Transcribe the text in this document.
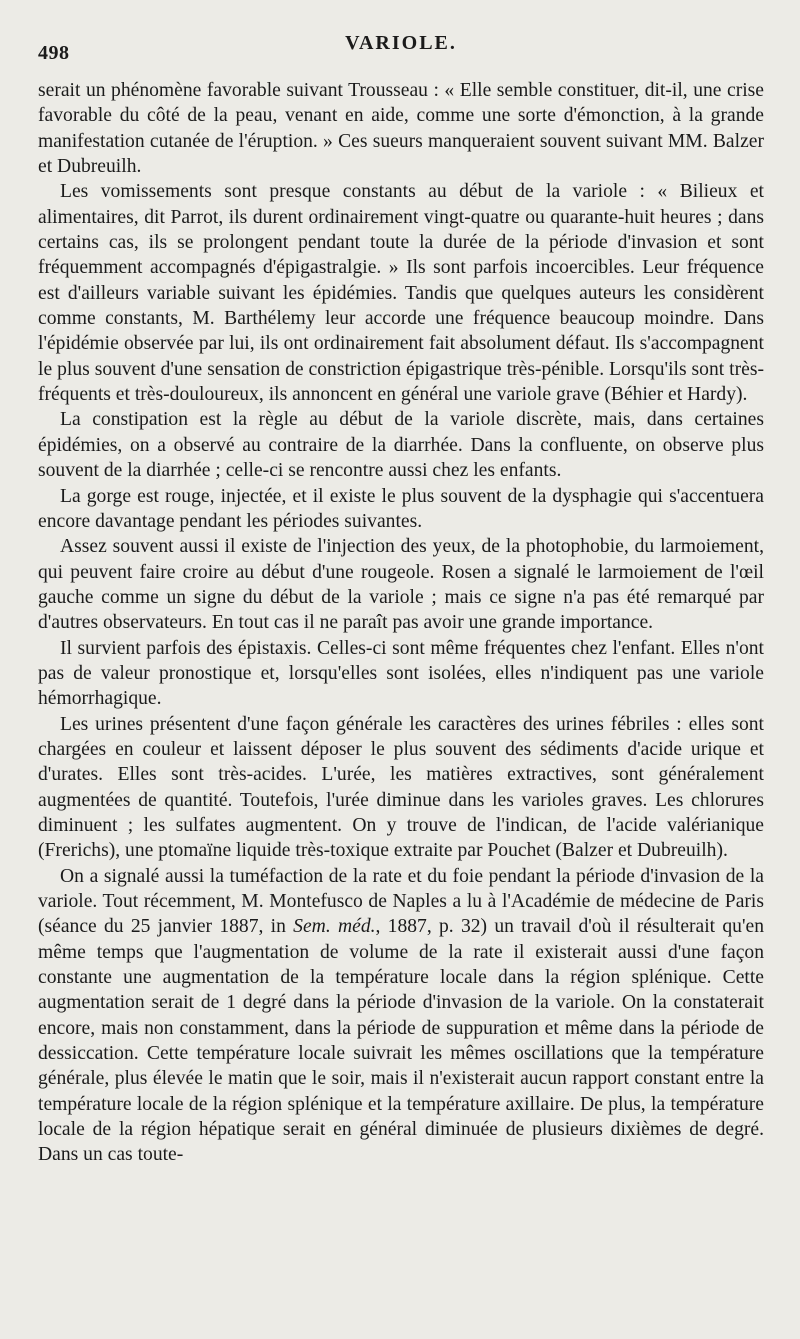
498	VARIOLE.

serait un phénomène favorable suivant Trousseau : « Elle semble constituer, dit-il, une crise favorable du côté de la peau, venant en aide, comme une sorte d'émonction, à la grande manifestation cutanée de l'éruption. » Ces sueurs manqueraient souvent suivant MM. Balzer et Dubreuilh.

Les vomissements sont presque constants au début de la variole : « Bilieux et alimentaires, dit Parrot, ils durent ordinairement vingt-quatre ou quarante-huit heures ; dans certains cas, ils se prolongent pendant toute la durée de la période d'invasion et sont fréquemment accompagnés d'épigastralgie. » Ils sont parfois incoercibles. Leur fréquence est d'ailleurs variable suivant les épidémies. Tandis que quelques auteurs les considèrent comme constants, M. Barthélemy leur accorde une fréquence beaucoup moindre. Dans l'épidémie observée par lui, ils ont ordinairement fait absolument défaut. Ils s'accompagnent le plus souvent d'une sensation de constriction épigastrique très-pénible. Lorsqu'ils sont très-fréquents et très-douloureux, ils annoncent en général une variole grave (Béhier et Hardy).

La constipation est la règle au début de la variole discrète, mais, dans certaines épidémies, on a observé au contraire de la diarrhée. Dans la confluente, on observe plus souvent de la diarrhée ; celle-ci se rencontre aussi chez les enfants.

La gorge est rouge, injectée, et il existe le plus souvent de la dysphagie qui s'accentuera encore davantage pendant les périodes suivantes.

Assez souvent aussi il existe de l'injection des yeux, de la photophobie, du larmoiement, qui peuvent faire croire au début d'une rougeole. Rosen a signalé le larmoiement de l'œil gauche comme un signe du début de la variole ; mais ce signe n'a pas été remarqué par d'autres observateurs. En tout cas il ne paraît pas avoir une grande importance.

Il survient parfois des épistaxis. Celles-ci sont même fréquentes chez l'enfant. Elles n'ont pas de valeur pronostique et, lorsqu'elles sont isolées, elles n'indiquent pas une variole hémorrhagique.

Les urines présentent d'une façon générale les caractères des urines fébriles : elles sont chargées en couleur et laissent déposer le plus souvent des sédiments d'acide urique et d'urates. Elles sont très-acides. L'urée, les matières extractives, sont généralement augmentées de quantité. Toutefois, l'urée diminue dans les varioles graves. Les chlorures diminuent ; les sulfates augmentent. On y trouve de l'indican, de l'acide valérianique (Frerichs), une ptomaïne liquide très-toxique extraite par Pouchet (Balzer et Dubreuilh).

On a signalé aussi la tuméfaction de la rate et du foie pendant la période d'invasion de la variole. Tout récemment, M. Montefusco de Naples a lu à l'Académie de médecine de Paris (séance du 25 janvier 1887, in Sem. méd., 1887, p. 32) un travail d'où il résulterait qu'en même temps que l'augmentation de volume de la rate il existerait aussi d'une façon constante une augmentation de la température locale dans la région splénique. Cette augmentation serait de 1 degré dans la période d'invasion de la variole. On la constaterait encore, mais non constamment, dans la période de suppuration et même dans la période de dessiccation. Cette température locale suivrait les mêmes oscillations que la température générale, plus élevée le matin que le soir, mais il n'existerait aucun rapport constant entre la température locale de la région splénique et la température axillaire. De plus, la température locale de la région hépatique serait en général diminuée de plusieurs dixièmes de degré. Dans un cas toute-
